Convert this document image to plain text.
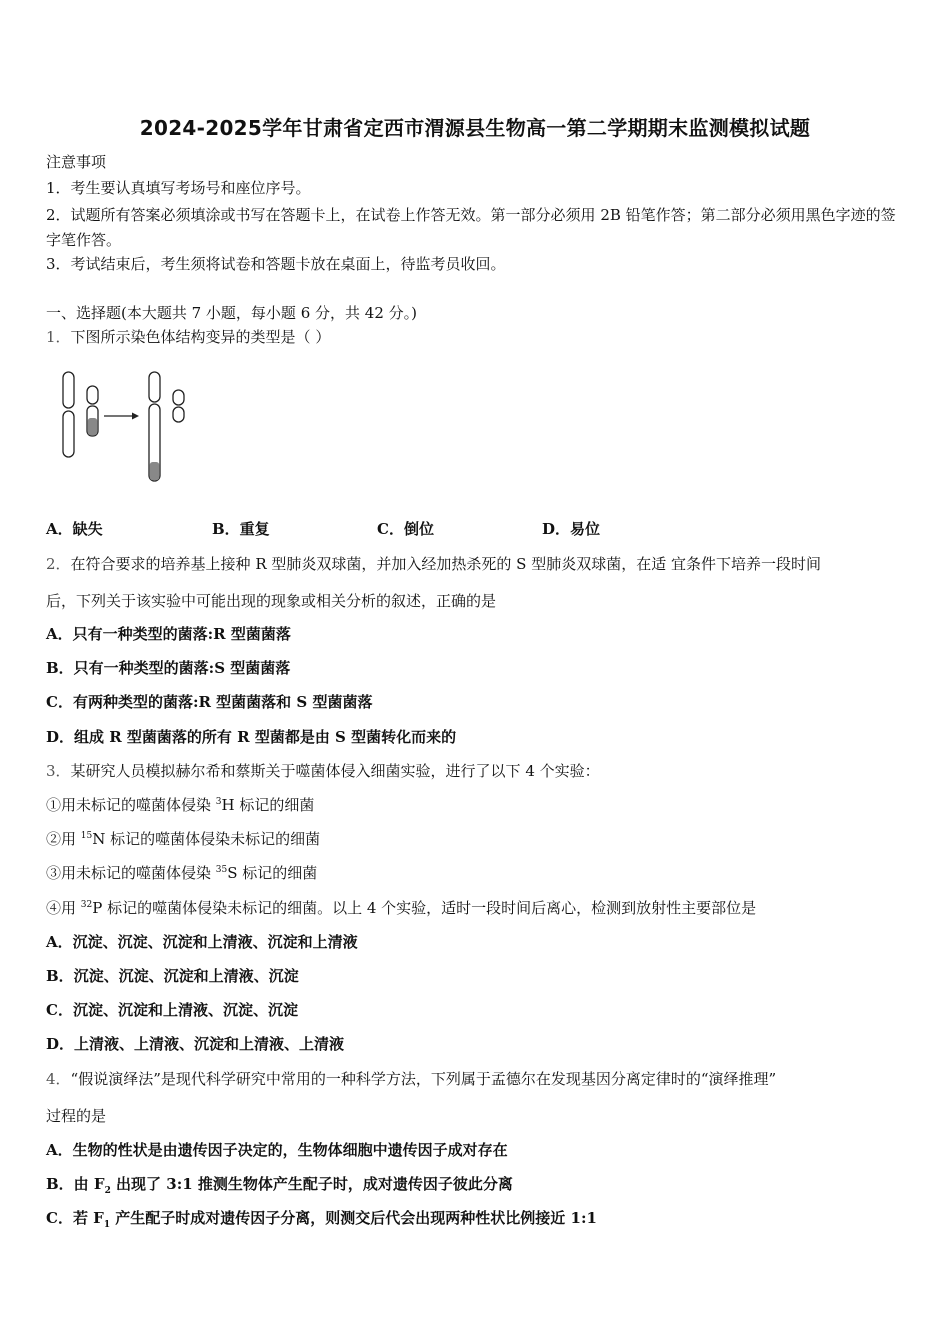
2024-2025学年甘肃省定西市渭源县生物高一第二学期期末监测模拟试题
注意事项
1．考生要认真填写考场号和座位序号。
2．试题所有答案必须填涂或书写在答题卡上，在试卷上作答无效。第一部分必须用 2B 铅笔作答；第二部分必须用黑色字迹的签字笔作答。
3．考试结束后，考生须将试卷和答题卡放在桌面上，待监考员收回。
一、选择题(本大题共 7 小题，每小题 6 分，共 42 分。)
1．下图所示染色体结构变异的类型是（ ）
A．缺失	B．重复	C．倒位	D．易位
2．在符合要求的培养基上接种 R 型肺炎双球菌，并加入经加热杀死的 S 型肺炎双球菌，在适 宜条件下培养一段时间
后，下列关于该实验中可能出现的现象或相关分析的叙述，正确的是
A．只有一种类型的菌落:R 型菌菌落
B．只有一种类型的菌落:S 型菌菌落
C．有两种类型的菌落:R 型菌菌落和 S 型菌菌落
D．组成 R 型菌菌落的所有 R 型菌都是由 S 型菌转化而来的
3．某研究人员模拟赫尔希和蔡斯关于噬菌体侵入细菌实验，进行了以下 4 个实验：
①用未标记的噬菌体侵染 $^3$H 标记的细菌
②用 $^{15}$N 标记的噬菌体侵染未标记的细菌
③用未标记的噬菌体侵染 $^{35}$S 标记的细菌
④用 $^{32}$P 标记的噬菌体侵染未标记的细菌。以上 4 个实验，适时一段时间后离心，检测到放射性主要部位是
A．沉淀、沉淀、沉淀和上清液、沉淀和上清液
B．沉淀、沉淀、沉淀和上清液、沉淀
C．沉淀、沉淀和上清液、沉淀、沉淀
D．上清液、上清液、沉淀和上清液、上清液
4．“假说演绎法”是现代科学研究中常用的一种科学方法，下列属于孟德尔在发现基因分离定律时的“演绎推理”
过程的是
A．生物的性状是由遗传因子决定的，生物体细胞中遗传因子成对存在
B．由 $F_2$ 出现了 3:1 推测生物体产生配子时，成对遗传因子彼此分离
C．若 $F_1$ 产生配子时成对遗传因子分离，则测交后代会出现两种性状比例接近 1:1
